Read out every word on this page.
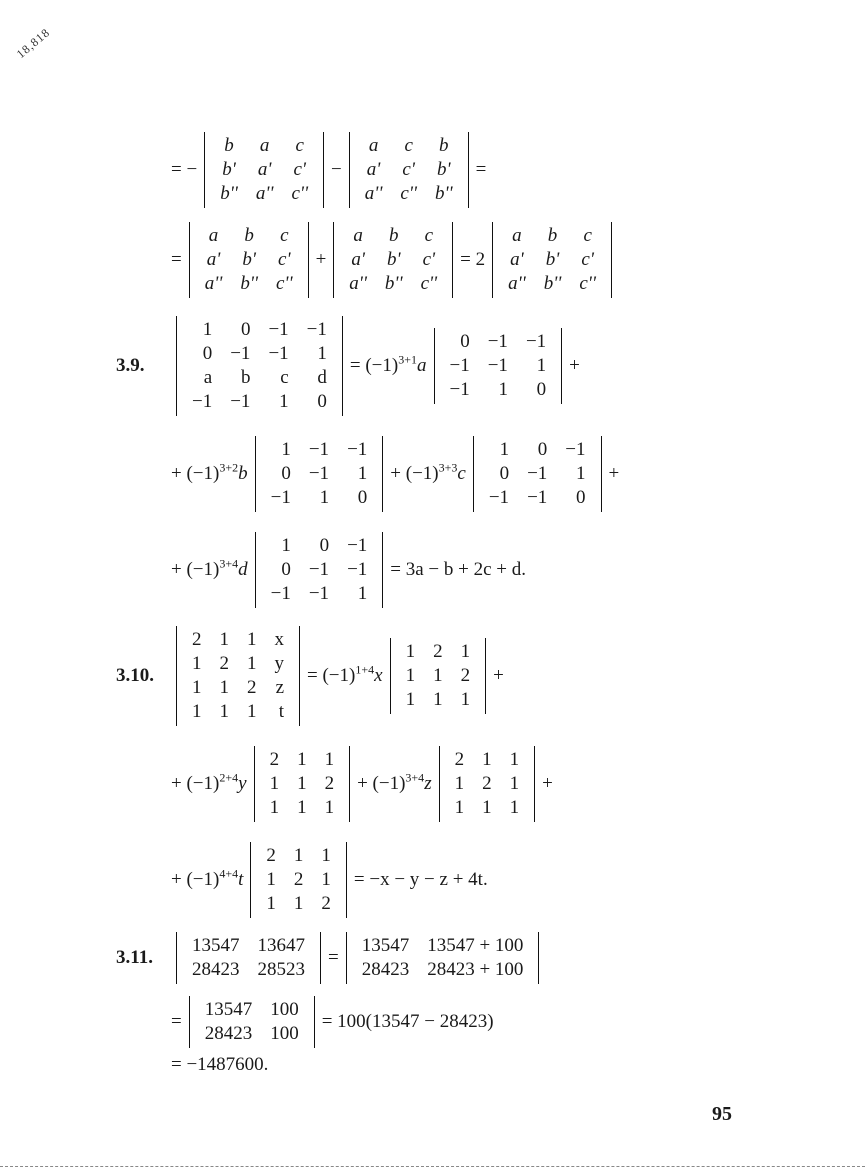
18,818
= −
b	a	c
b'	a'	c'
b''	a''	c''
−
a	c	b
a'	c'	b'
a''	c''	b''
=
=
a	b	c
a'	b'	c'
a''	b''	c''
+
a	b	c
a'	b'	c'
a''	b''	c''
= 2
a	b	c
a'	b'	c'
a''	b''	c''
3.9.
1	0	−1	−1
0	−1	−1	1
a	b	c	d
−1	−1	1	0
= $(-1)^{3+1}a$
0	−1	−1
−1	−1	1
−1	1	0
+
+ $(-1)^{3+2}b$
1	−1	−1
0	−1	1
−1	1	0
+ $(-1)^{3+3}c$
1	0	−1
0	−1	1
−1	−1	0
+
+ $(-1)^{3+4}d$
1	0	−1
0	−1	−1
−1	−1	1
= 3a − b + 2c + d.
3.10.
2	1	1	x
1	2	1	y
1	1	2	z
1	1	1	t
= $(-1)^{1+4}x$
1	2	1
1	1	2
1	1	1
+
+ $(-1)^{2+4}y$
2	1	1
1	1	2
1	1	1
+ $(-1)^{3+4}z$
2	1	1
1	2	1
1	1	1
+
+ $(-1)^{4+4}t$
2	1	1
1	2	1
1	1	2
= −x − y − z + 4t.
3.11.
13547	13647
28423	28523
=
13547	13547 + 100
28423	28423 + 100
=
13547	100
28423	100
= 100(13547 − 28423)
= −1487600.
95
